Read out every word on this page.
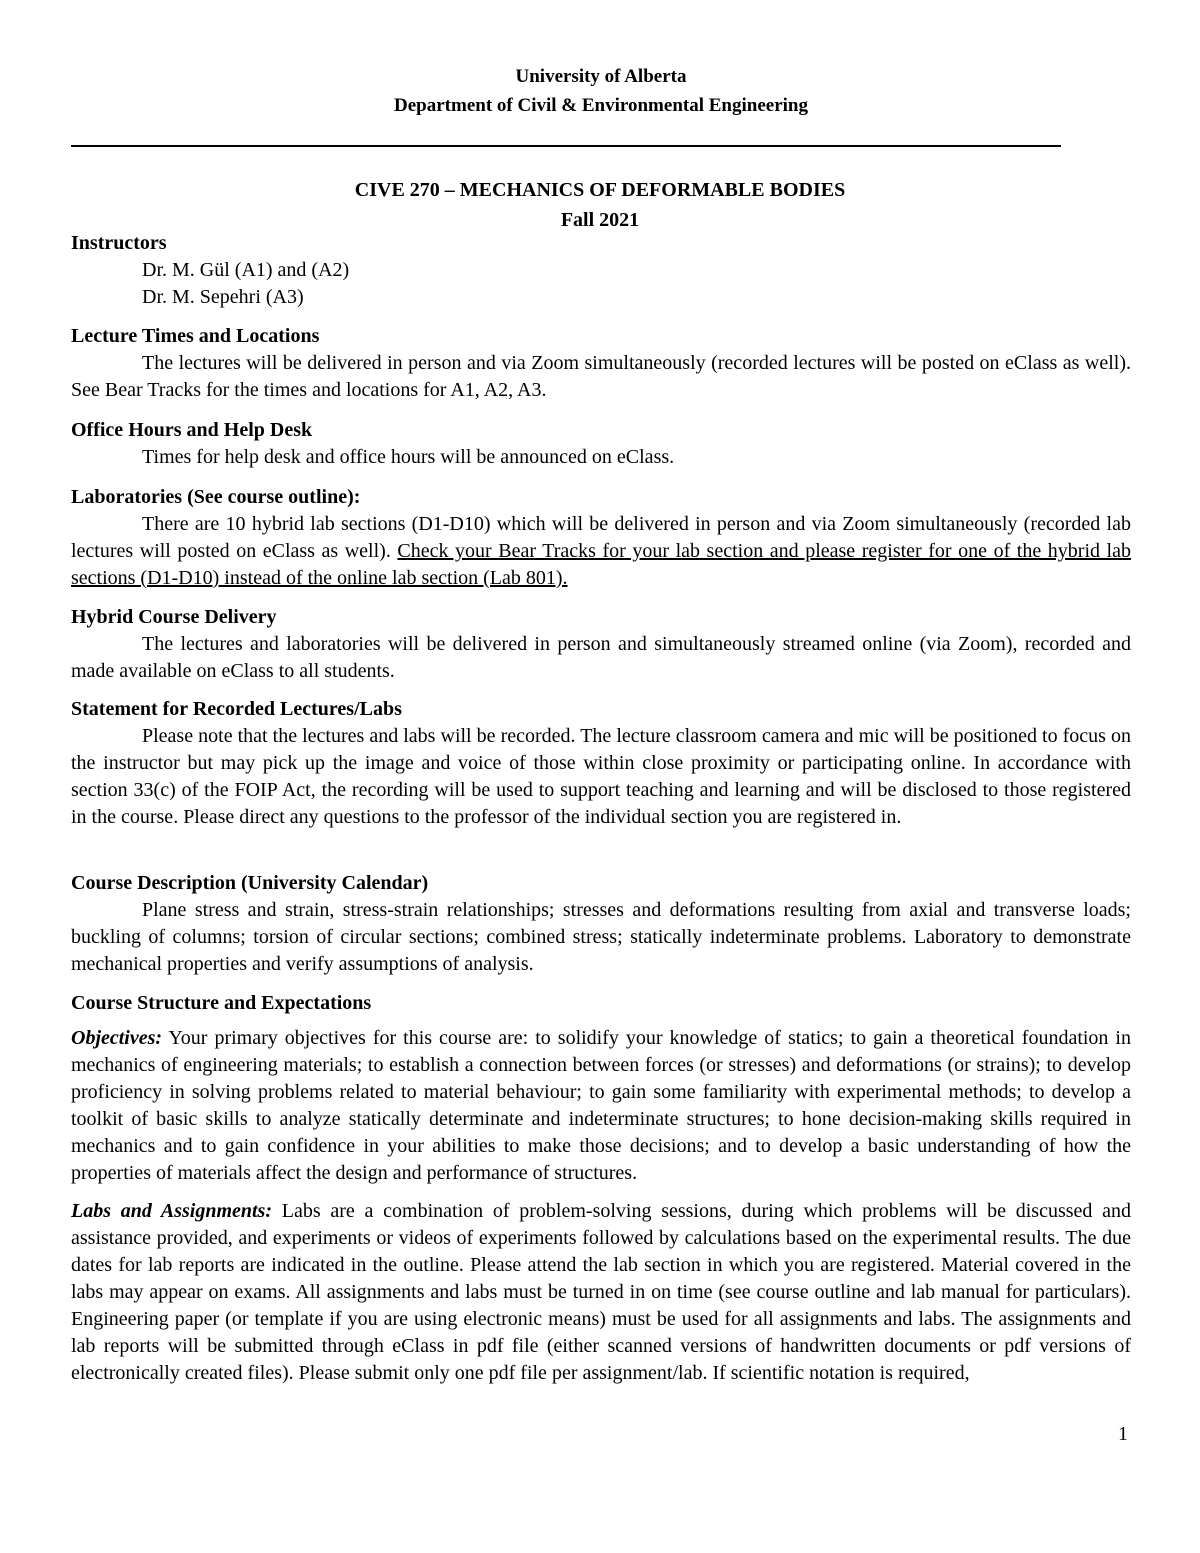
University of Alberta
Department of Civil & Environmental Engineering
CIVE 270 – MECHANICS OF DEFORMABLE BODIES
Fall 2021
Instructors
Dr. M. Gül (A1) and (A2)
Dr. M. Sepehri (A3)
Lecture Times and Locations

The lectures will be delivered in person and via Zoom simultaneously (recorded lectures will be posted on eClass as well). See Bear Tracks for the times and locations for A1, A2, A3.

Office Hours and Help Desk

Times for help desk and office hours will be announced on eClass.

Laboratories (See course outline):

There are 10 hybrid lab sections (D1-D10) which will be delivered in person and via Zoom simultaneously (recorded lab lectures will posted on eClass as well). Check your Bear Tracks for your lab section and please register for one of the hybrid lab sections (D1-D10) instead of the online lab section (Lab 801).

Hybrid Course Delivery

The lectures and laboratories will be delivered in person and simultaneously streamed online (via Zoom), recorded and made available on eClass to all students.

Statement for Recorded Lectures/Labs

Please note that the lectures and labs will be recorded. The lecture classroom camera and mic will be positioned to focus on the instructor but may pick up the image and voice of those within close proximity or participating online. In accordance with section 33(c) of the FOIP Act, the recording will be used to support teaching and learning and will be disclosed to those registered in the course. Please direct any questions to the professor of the individual section you are registered in.

Course Description (University Calendar)

Plane stress and strain, stress-strain relationships; stresses and deformations resulting from axial and transverse loads; buckling of columns; torsion of circular sections; combined stress; statically indeterminate problems. Laboratory to demonstrate mechanical properties and verify assumptions of analysis.

Course Structure and Expectations

Objectives: Your primary objectives for this course are: to solidify your knowledge of statics; to gain a theoretical foundation in mechanics of engineering materials; to establish a connection between forces (or stresses) and deformations (or strains); to develop proficiency in solving problems related to material behaviour; to gain some familiarity with experimental methods; to develop a toolkit of basic skills to analyze statically determinate and indeterminate structures; to hone decision-making skills required in mechanics and to gain confidence in your abilities to make those decisions; and to develop a basic understanding of how the properties of materials affect the design and performance of structures.

Labs and Assignments: Labs are a combination of problem-solving sessions, during which problems will be discussed and assistance provided, and experiments or videos of experiments followed by calculations based on the experimental results. The due dates for lab reports are indicated in the outline. Please attend the lab section in which you are registered. Material covered in the labs may appear on exams. All assignments and labs must be turned in on time (see course outline and lab manual for particulars). Engineering paper (or template if you are using electronic means) must be used for all assignments and labs. The assignments and lab reports will be submitted through eClass in pdf file (either scanned versions of handwritten documents or pdf versions of electronically created files). Please submit only one pdf file per assignment/lab. If scientific notation is required,

1
